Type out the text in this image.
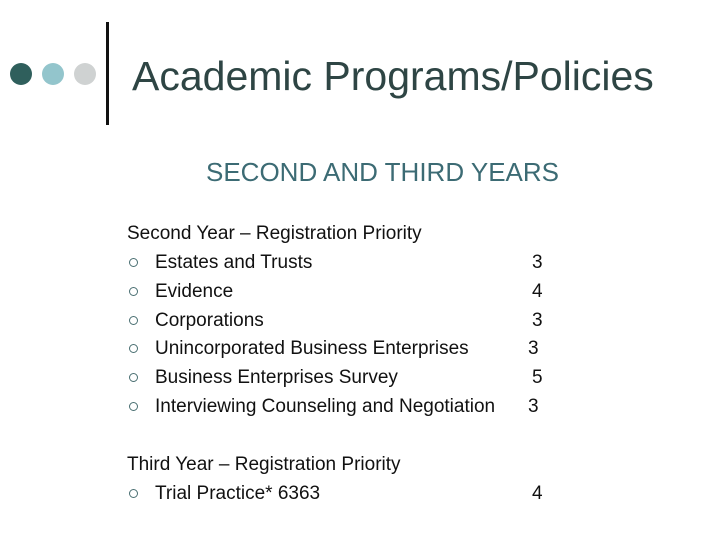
Academic Programs/Policies
SECOND AND THIRD YEARS
Second Year – Registration Priority
Estates and Trusts	3
Evidence	4
Corporations	3
Unincorporated Business Enterprises	3
Business Enterprises Survey	5
Interviewing Counseling and Negotiation 3
Third Year – Registration Priority
Trial Practice* 6363	4
